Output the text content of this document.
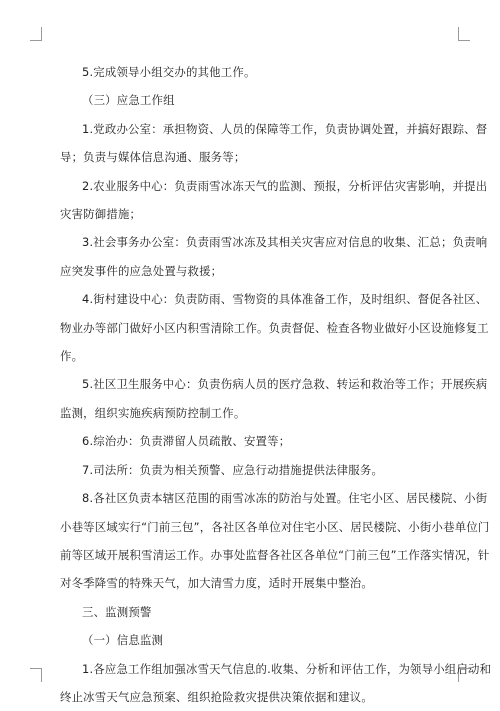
5.完成领导小组交办的其他工作。
（三）应急工作组
1.党政办公室：承担物资、人员的保障等工作，负责协调处置，并搞好跟踪、督
导；负责与媒体信息沟通、服务等；
2.农业服务中心：负责雨雪冰冻天气的监测、预报，分析评估灾害影响，并提出
灾害防御措施；
3.社会事务办公室：负责雨雪冰冻及其相关灾害应对信息的收集、汇总；负责响
应突发事件的应急处置与救援；
4.街村建设中心：负责防雨、雪物资的具体准备工作，及时组织、督促各社区、
物业办等部门做好小区内积雪清除工作。负责督促、检查各物业做好小区设施修复工
作。
5.社区卫生服务中心：负责伤病人员的医疗急救、转运和救治等工作；开展疾病
监测，组织实施疾病预防控制工作。
6.综治办：负责滞留人员疏散、安置等；
7.司法所：负责为相关预警、应急行动措施提供法律服务。
8.各社区负责本辖区范围的雨雪冰冻的防治与处置。住宅小区、居民楼院、小街
小巷等区域实行“门前三包”，各社区各单位对住宅小区、居民楼院、小街小巷单位门
前等区域开展积雪清运工作。办事处监督各社区各单位“门前三包”工作落实情况，针
对冬季降雪的特殊天气，加大清雪力度，适时开展集中整治。
三、监测预警
（一）信息监测
1.各应急工作组加强冰雪天气信息的.收集、分析和评估工作，为领导小组启动和
终止冰雪天气应急预案、组织抢险救灾提供决策依据和建议。
